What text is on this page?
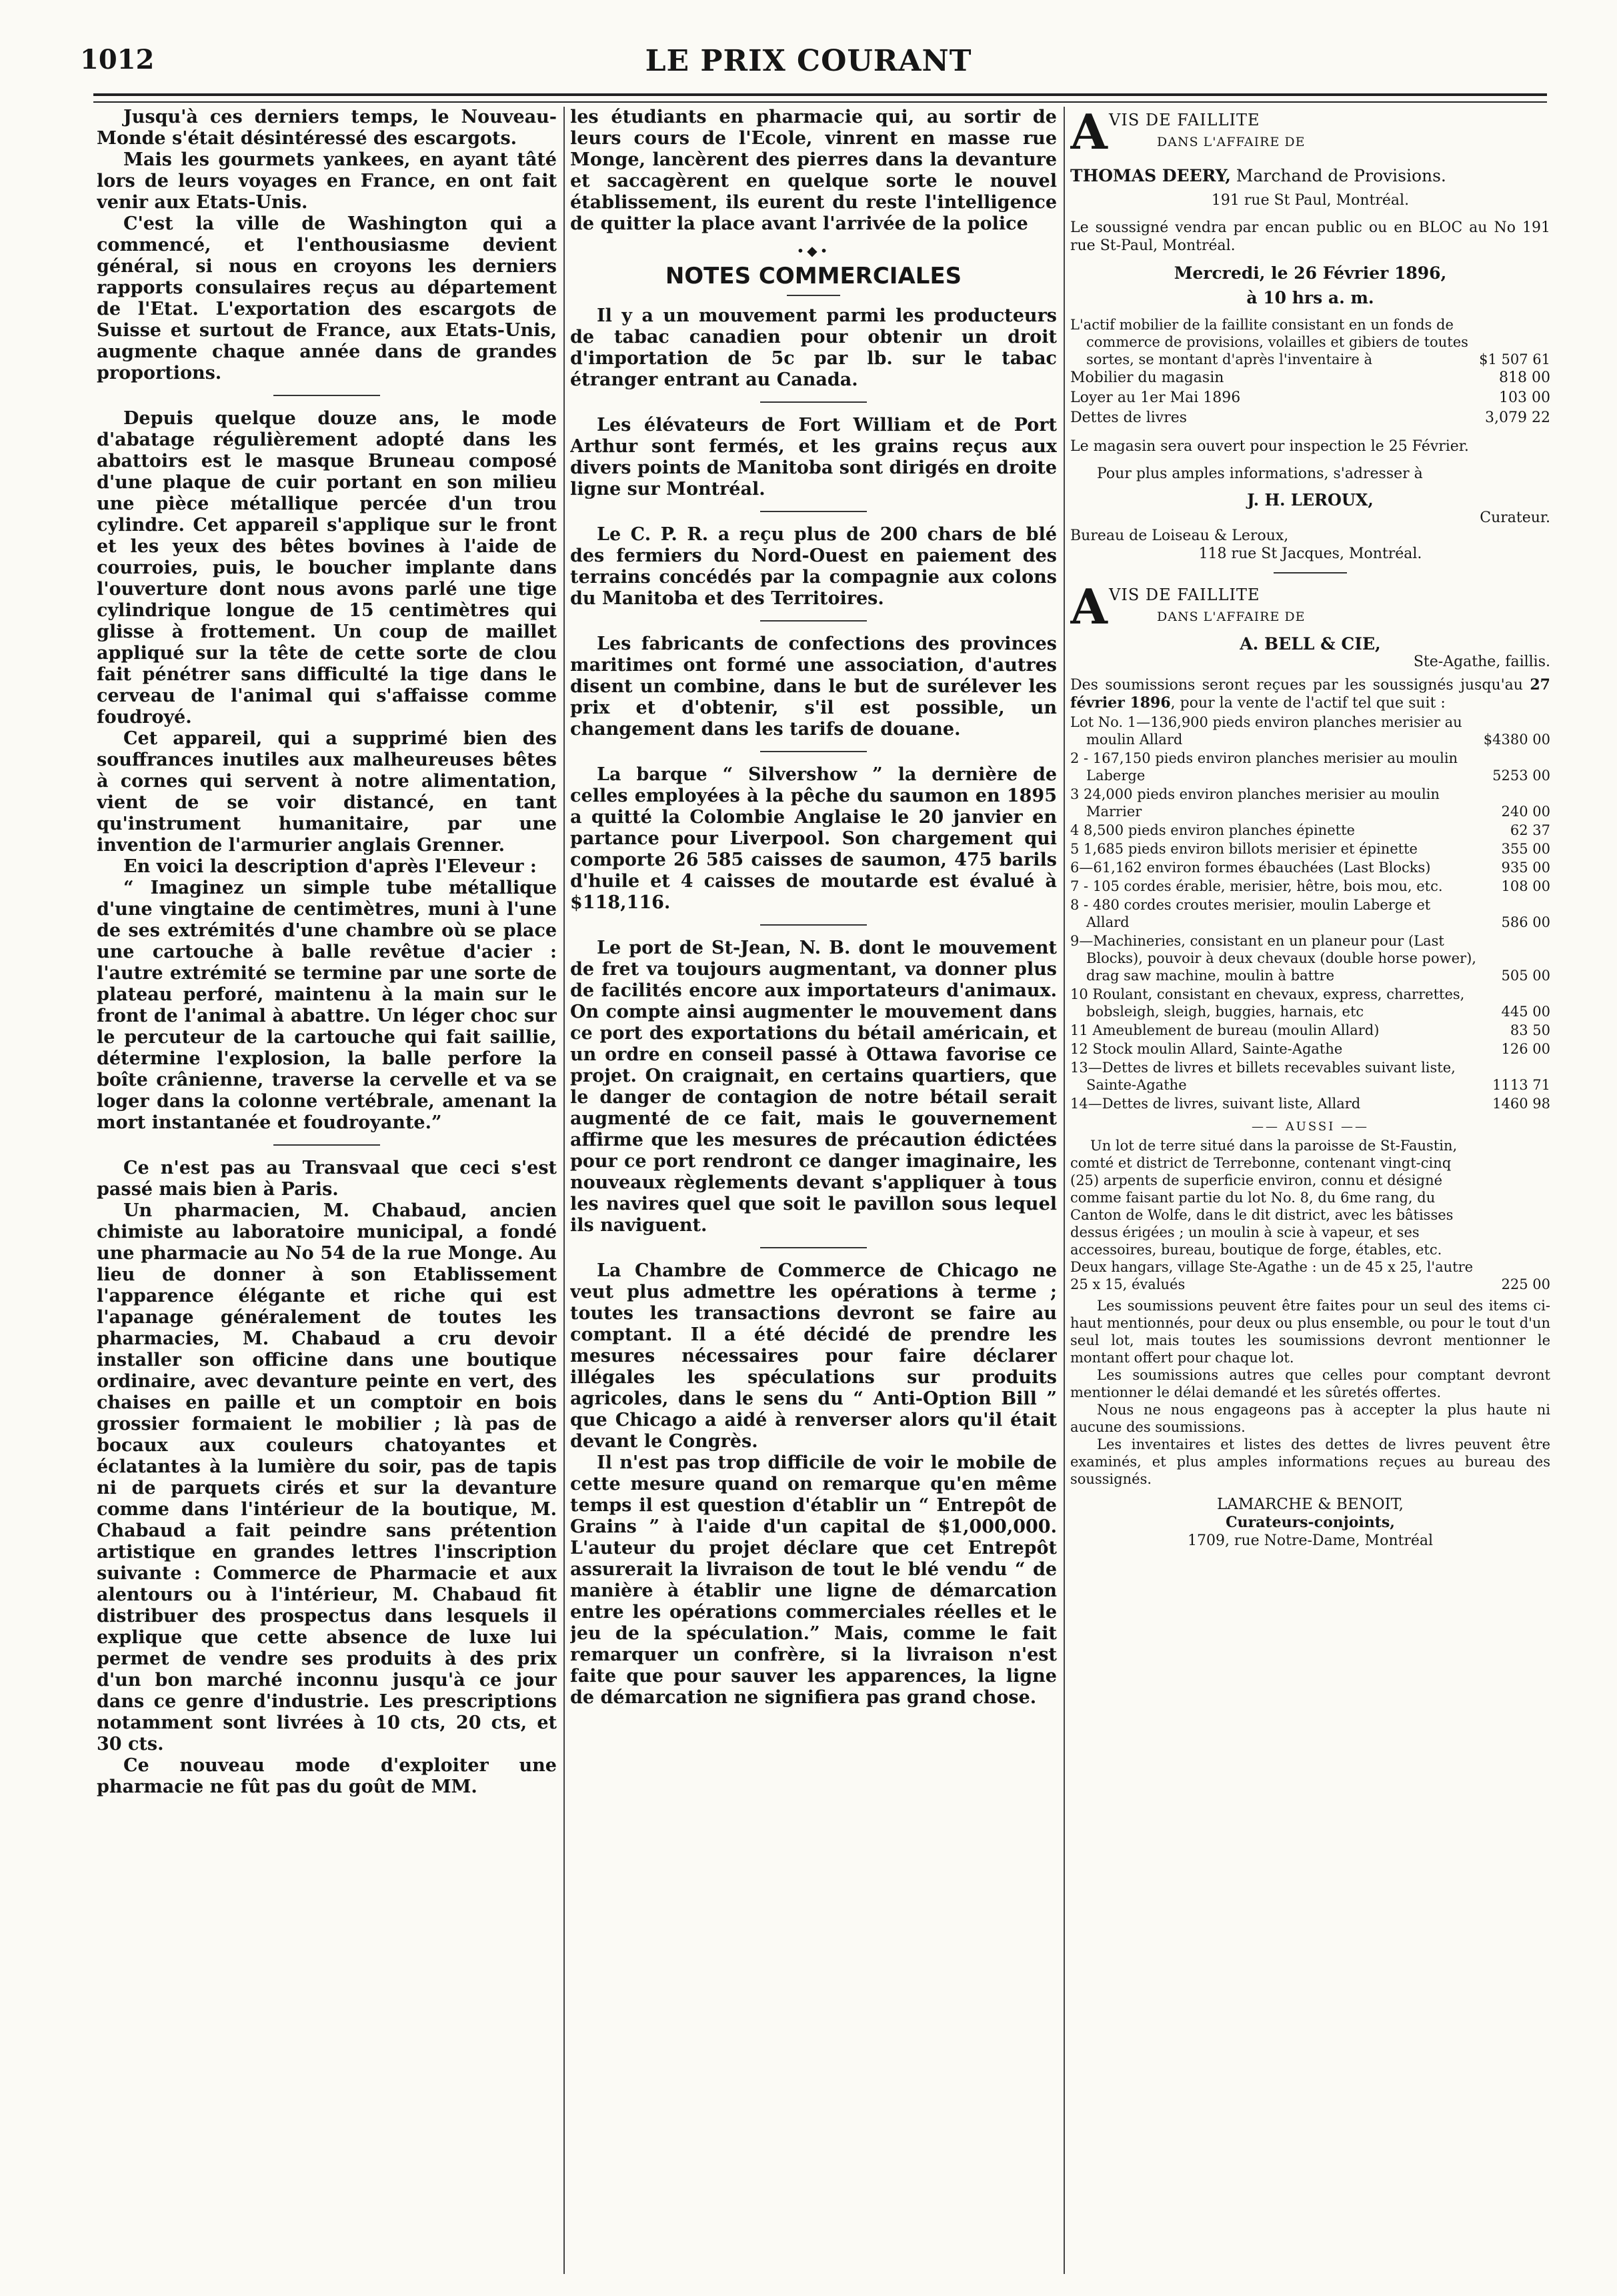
1012	LE PRIX COURANT

Jusqu'à ces derniers temps, le Nouveau-Monde s'était désintéressé des escargots.

Mais les gourmets yankees, en ayant tâté lors de leurs voyages en France, en ont fait venir aux Etats-Unis.

C'est la ville de Washington qui a commencé, et l'enthousiasme devient général, si nous en croyons les derniers rapports consulaires reçus au département de l'Etat. L'exportation des escargots de Suisse et surtout de France, aux Etats-Unis, augmente chaque année dans de grandes proportions.

Depuis quelque douze ans, le mode d'abatage régulièrement adopté dans les abattoirs est le masque Bruneau composé d'une plaque de cuir portant en son milieu une pièce métallique percée d'un trou cylindre. Cet appareil s'applique sur le front et les yeux des bêtes bovines à l'aide de courroies, puis, le boucher implante dans l'ouverture dont nous avons parlé une tige cylindrique longue de 15 centimètres qui glisse à frottement. Un coup de maillet appliqué sur la tête de cette sorte de clou fait pénétrer sans difficulté la tige dans le cerveau de l'animal qui s'affaisse comme foudroyé.

Cet appareil, qui a supprimé bien des souffrances inutiles aux malheureuses bêtes à cornes qui servent à notre alimentation, vient de se voir distancé, en tant qu'instrument humanitaire, par une invention de l'armurier anglais Grenner.

En voici la description d'après l'Eleveur :

“ Imaginez un simple tube métallique d'une vingtaine de centimètres, muni à l'une de ses extrémités d'une chambre où se place une cartouche à balle revêtue d'acier : l'autre extrémité se termine par une sorte de plateau perforé, maintenu à la main sur le front de l'animal à abattre. Un léger choc sur le percuteur de la cartouche qui fait saillie, détermine l'explosion, la balle perfore la boîte crânienne, traverse la cervelle et va se loger dans la colonne vertébrale, amenant la mort instantanée et foudroyante.”

Ce n'est pas au Transvaal que ceci s'est passé mais bien à Paris.

Un pharmacien, M. Chabaud, ancien chimiste au laboratoire municipal, a fondé une pharmacie au No 54 de la rue Monge. Au lieu de donner à son Etablissement l'apparence élégante et riche qui est l'apanage généralement de toutes les pharmacies, M. Chabaud a cru devoir installer son officine dans une boutique ordinaire, avec devanture peinte en vert, des chaises en paille et un comptoir en bois grossier formaient le mobilier ; là pas de bocaux aux couleurs chatoyantes et éclatantes à la lumière du soir, pas de tapis ni de parquets cirés et sur la devanture comme dans l'intérieur de la boutique, M. Chabaud a fait peindre sans prétention artistique en grandes lettres l'inscription suivante : Commerce de Pharmacie et aux alentours ou à l'intérieur, M. Chabaud fit distribuer des prospectus dans lesquels il explique que cette absence de luxe lui permet de vendre ses produits à des prix d'un bon marché inconnu jusqu'à ce jour dans ce genre d'industrie. Les prescriptions notamment sont livrées à 10 cts, 20 cts, et 30 cts.

Ce nouveau mode d'exploiter une pharmacie ne fût pas du goût de MM.

les étudiants en pharmacie qui, au sortir de leurs cours de l'Ecole, vinrent en masse rue Monge, lancèrent des pierres dans la devanture et saccagèrent en quelque sorte le nouvel établissement, ils eurent du reste l'intelligence de quitter la place avant l'arrivée de la police

•◆•
NOTES COMMERCIALES

Il y a un mouvement parmi les producteurs de tabac canadien pour obtenir un droit d'importation de 5c par lb. sur le tabac étranger entrant au Canada.

Les élévateurs de Fort William et de Port Arthur sont fermés, et les grains reçus aux divers points de Manitoba sont dirigés en droite ligne sur Montréal.

Le C. P. R. a reçu plus de 200 chars de blé des fermiers du Nord-Ouest en paiement des terrains concédés par la compagnie aux colons du Manitoba et des Territoires.

Les fabricants de confections des provinces maritimes ont formé une association, d'autres disent un combine, dans le but de surélever les prix et d'obtenir, s'il est possible, un changement dans les tarifs de douane.

La barque “ Silvershow ” la dernière de celles employées à la pêche du saumon en 1895 a quitté la Colombie Anglaise le 20 janvier en partance pour Liverpool. Son chargement qui comporte 26 585 caisses de saumon, 475 barils d'huile et 4 caisses de moutarde est évalué à $118,116.

Le port de St-Jean, N. B. dont le mouvement de fret va toujours augmentant, va donner plus de facilités encore aux importateurs d'animaux. On compte ainsi augmenter le mouvement dans ce port des exportations du bétail américain, et un ordre en conseil passé à Ottawa favorise ce projet. On craignait, en certains quartiers, que le danger de contagion de notre bétail serait augmenté de ce fait, mais le gouvernement affirme que les mesures de précaution édictées pour ce port rendront ce danger imaginaire, les nouveaux règlements devant s'appliquer à tous les navires quel que soit le pavillon sous lequel ils naviguent.

La Chambre de Commerce de Chicago ne veut plus admettre les opérations à terme ; toutes les transactions devront se faire au comptant. Il a été décidé de prendre les mesures nécessaires pour faire déclarer illégales les spéculations sur produits agricoles, dans le sens du “ Anti-Option Bill ” que Chicago a aidé à renverser alors qu'il était devant le Congrès.

Il n'est pas trop difficile de voir le mobile de cette mesure quand on remarque qu'en même temps il est question d'établir un “ Entrepôt de Grains ” à l'aide d'un capital de $1,000,000. L'auteur du projet déclare que cet Entrepôt assurerait la livraison de tout le blé vendu “ de manière à établir une ligne de démarcation entre les opérations commerciales réelles et le jeu de la spéculation.” Mais, comme le fait remarquer un confrère, si la livraison n'est faite que pour sauver les apparences, la ligne de démarcation ne signifiera pas grand chose.

A VIS DE FAILLITE
DANS L'AFFAIRE DE

THOMAS DEERY, Marchand de Provisions.

191 rue St Paul, Montréal.

Le soussigné vendra par encan public ou en BLOC au No 191 rue St-Paul, Montréal.

Mercredi, le 26 Février 1896,

à 10 hrs a. m.

L'actif mobilier de la faillite consistant en un fonds de commerce de provisions, volailles et gibiers de toutes sortes, se montant d'après l'inventaire à	$1 507 61
Mobilier du magasin	818 00
Loyer au 1er Mai 1896	103 00
Dettes de livres	3,079 22

Le magasin sera ouvert pour inspection le 25 Février.

Pour plus amples informations, s'adresser à

J. H. LEROUX,

Curateur.

Bureau de Loiseau & Leroux,

118 rue St Jacques, Montréal.

A VIS DE FAILLITE
DANS L'AFFAIRE DE

A. BELL & CIE,

Ste-Agathe, faillis.

Des soumissions seront reçues par les soussignés jusqu'au 27 février 1896, pour la vente de l'actif tel que suit :

Lot No. 1—136,900 pieds environ planches merisier au moulin Allard	$4380 00
2 - 167,150 pieds environ planches merisier au moulin Laberge	5253 00
3 24,000 pieds environ planches merisier au moulin Marrier	240 00
4 8,500 pieds environ planches épinette	62 37
5 1,685 pieds environ billots merisier et épinette	355 00
6—61,162 environ formes ébauchées (Last Blocks)	935 00
7 - 105 cordes érable, merisier, hêtre, bois mou, etc.	108 00
8 - 480 cordes croutes merisier, moulin Laberge et Allard	586 00
9—Machineries, consistant en un planeur pour (Last Blocks), pouvoir à deux chevaux (double horse power), drag saw machine, moulin à battre	505 00
10 Roulant, consistant en chevaux, express, charrettes, bobsleigh, sleigh, buggies, harnais, etc	445 00
11 Ameublement de bureau (moulin Allard)	83 50
12 Stock moulin Allard, Sainte-Agathe	126 00
13—Dettes de livres et billets recevables suivant liste, Sainte-Agathe	1113 71
14—Dettes de livres, suivant liste, Allard	1460 98

—— AUSSI ——

Un lot de terre situé dans la paroisse de St-Faustin, comté et district de Terrebonne, contenant vingt-cinq (25) arpents de superficie environ, connu et désigné comme faisant partie du lot No. 8, du 6me rang, du Canton de Wolfe, dans le dit district, avec les bâtisses dessus érigées ; un moulin à scie à vapeur, et ses accessoires, bureau, boutique de forge, étables, etc. Deux hangars, village Ste-Agathe : un de 45 x 25, l'autre 25 x 15, évalués	225 00

Les soumissions peuvent être faites pour un seul des items ci-haut mentionnés, pour deux ou plus ensemble, ou pour le tout d'un seul lot, mais toutes les soumissions devront mentionner le montant offert pour chaque lot.

Les soumissions autres que celles pour comptant devront mentionner le délai demandé et les sûretés offertes.

Nous ne nous engageons pas à accepter la plus haute ni aucune des soumissions.

Les inventaires et listes des dettes de livres peuvent être examinés, et plus amples informations reçues au bureau des soussignés.

LAMARCHE & BENOIT,

Curateurs-conjoints,

1709, rue Notre-Dame, Montréal
